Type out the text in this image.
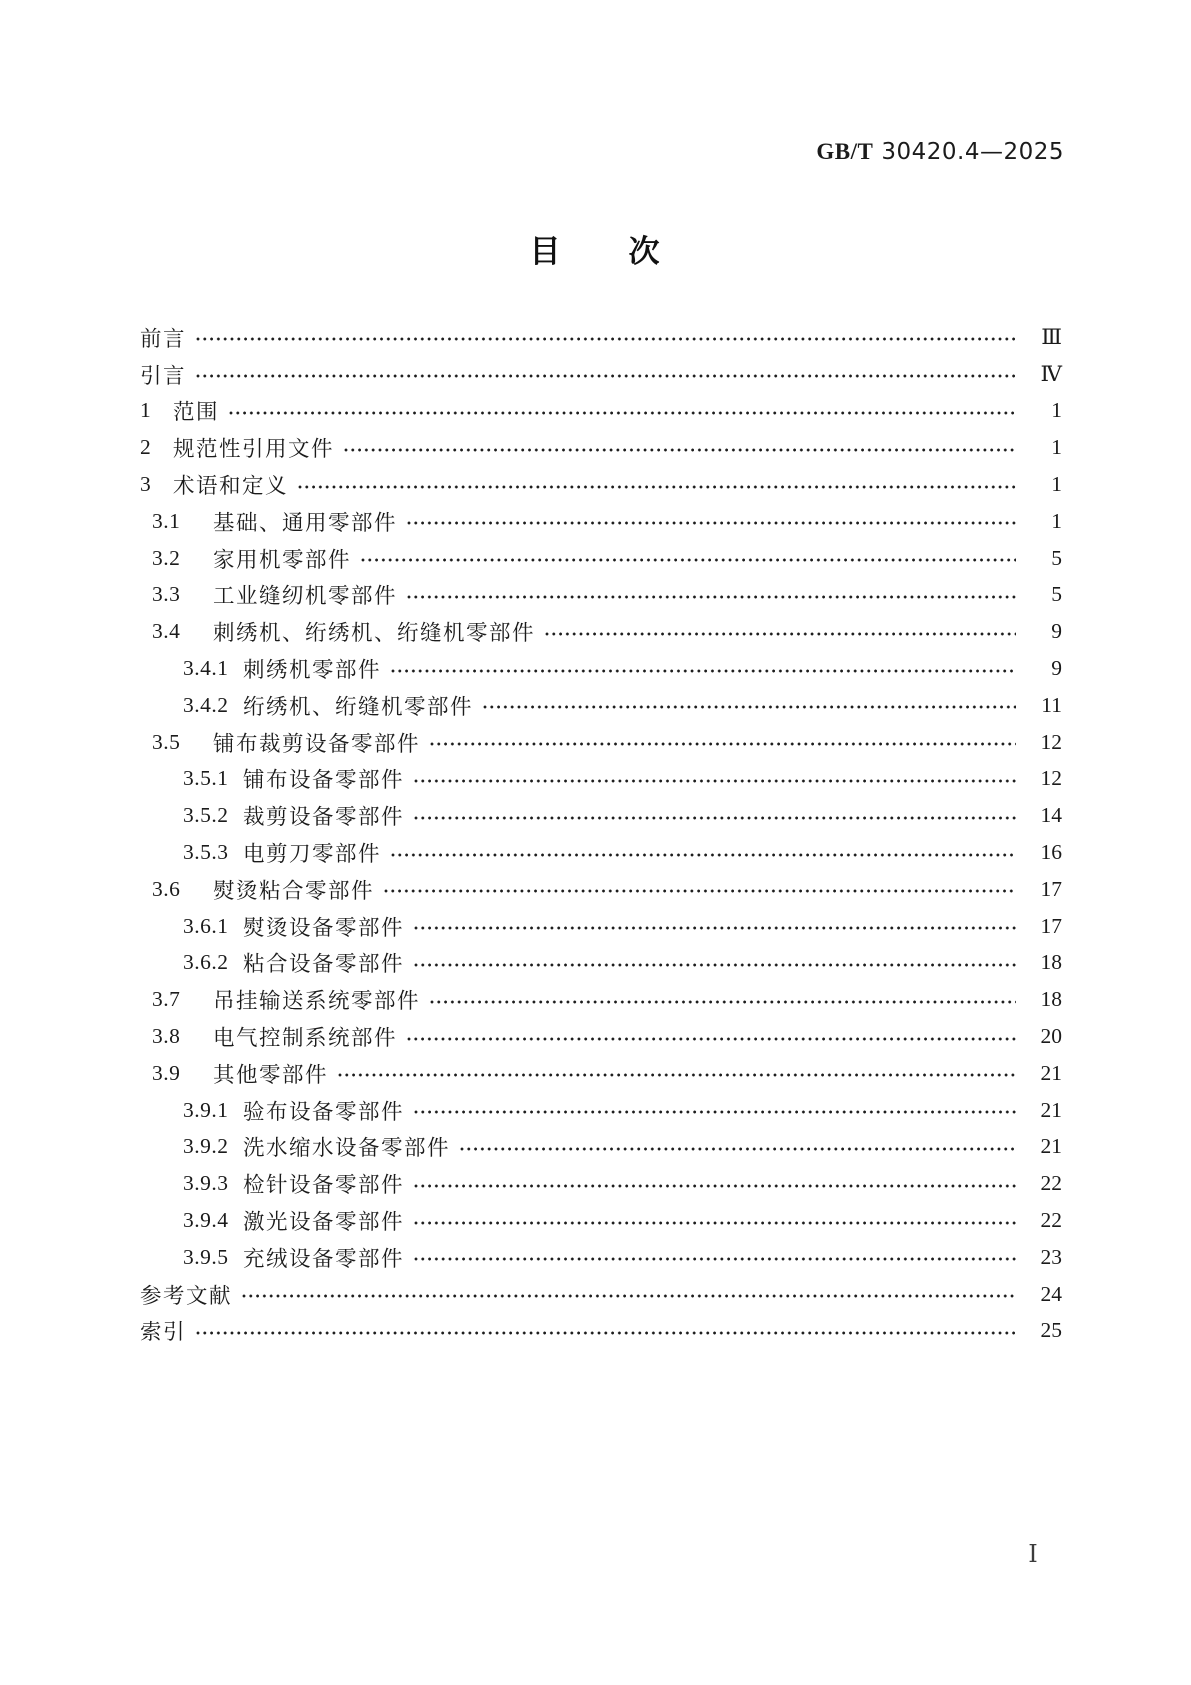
GB/T 30420.4—2025
目　　次
前言	Ⅲ
引言	Ⅳ
1	范围	1
2	规范性引用文件	1
3	术语和定义	1
3.1	基础、通用零部件	1
3.2	家用机零部件	5
3.3	工业缝纫机零部件	5
3.4	刺绣机、绗绣机、绗缝机零部件	9
3.4.1 刺绣机零部件	9
3.4.2 绗绣机、绗缝机零部件	11
3.5	铺布裁剪设备零部件	12
3.5.1 铺布设备零部件	12
3.5.2 裁剪设备零部件	14
3.5.3 电剪刀零部件	16
3.6	熨烫粘合零部件	17
3.6.1 熨烫设备零部件	17
3.6.2 粘合设备零部件	18
3.7	吊挂输送系统零部件	18
3.8	电气控制系统部件	20
3.9	其他零部件	21
3.9.1 验布设备零部件	21
3.9.2 洗水缩水设备零部件	21
3.9.3 检针设备零部件	22
3.9.4 激光设备零部件	22
3.9.5 充绒设备零部件	23
参考文献	24
索引	25
Ⅰ
